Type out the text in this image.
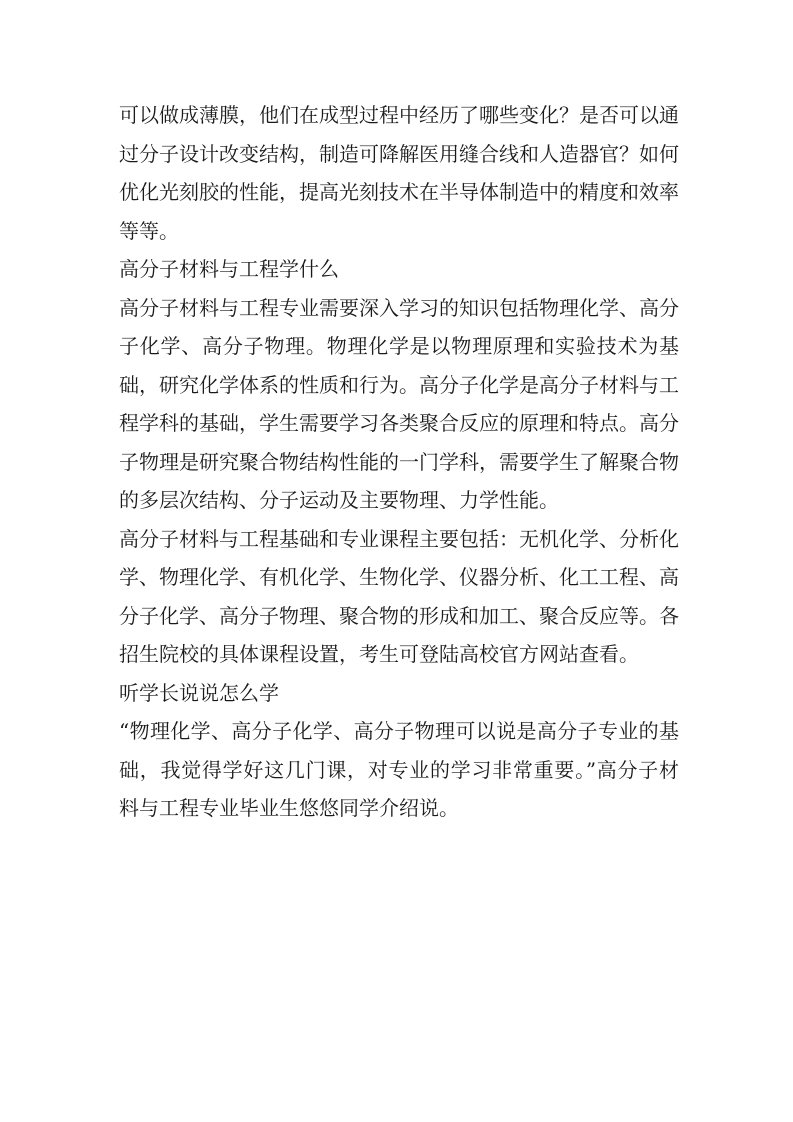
可以做成薄膜，他们在成型过程中经历了哪些变化？是否可以通过分子设计改变结构，制造可降解医用缝合线和人造器官？如何优化光刻胶的性能，提高光刻技术在半导体制造中的精度和效率等等。

高分子材料与工程学什么

高分子材料与工程专业需要深入学习的知识包括物理化学、高分子化学、高分子物理。物理化学是以物理原理和实验技术为基础，研究化学体系的性质和行为。高分子化学是高分子材料与工程学科的基础，学生需要学习各类聚合反应的原理和特点。高分子物理是研究聚合物结构性能的一门学科，需要学生了解聚合物的多层次结构、分子运动及主要物理、力学性能。

高分子材料与工程基础和专业课程主要包括：无机化学、分析化学、物理化学、有机化学、生物化学、仪器分析、化工工程、高分子化学、高分子物理、聚合物的形成和加工、聚合反应等。各招生院校的具体课程设置，考生可登陆高校官方网站查看。

听学长说说怎么学

“物理化学、高分子化学、高分子物理可以说是高分子专业的基础，我觉得学好这几门课，对专业的学习非常重要。”高分子材料与工程专业毕业生悠悠同学介绍说。
